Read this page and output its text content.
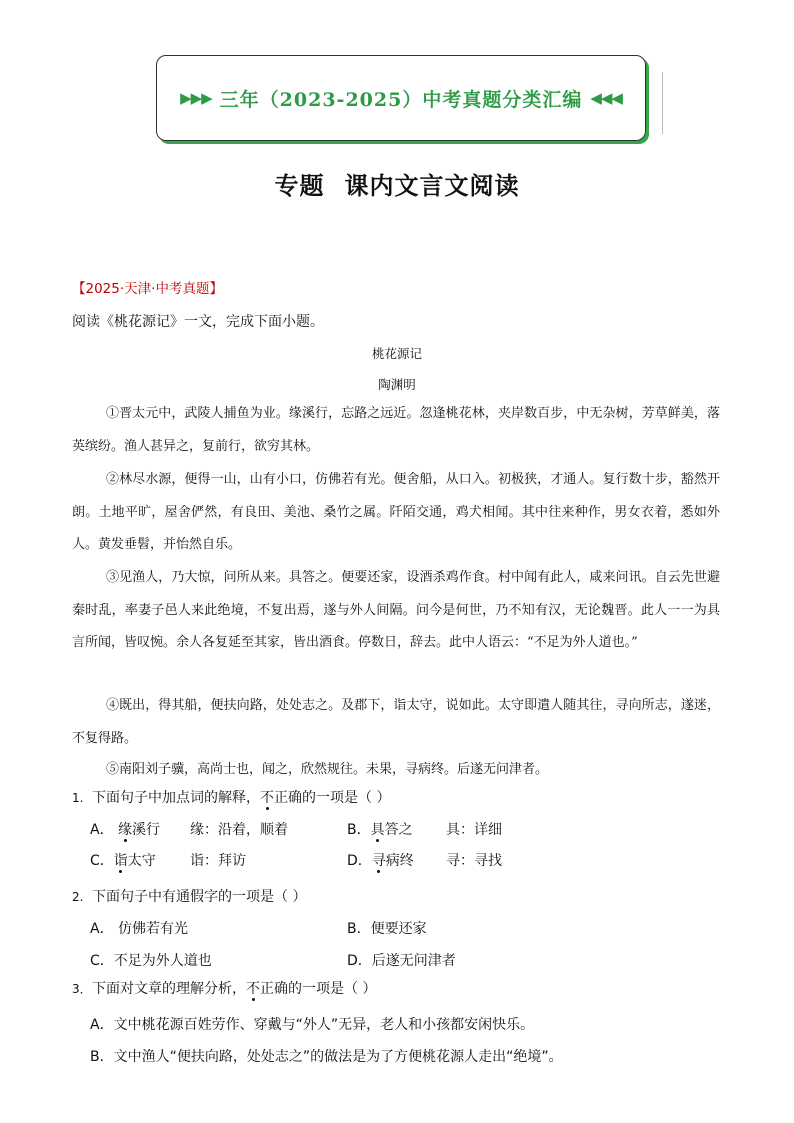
▶▶▶ 三年（2023-2025）中考真题分类汇编 ◀◀◀
专题 课内文言文阅读
【2025·天津·中考真题】
阅读《桃花源记》一文，完成下面小题。
桃花源记
陶渊明
①晋太元中，武陵人捕鱼为业。缘溪行，忘路之远近。忽逢桃花林，夹岸数百步，中无杂树，芳草鲜美，落英缤纷。渔人甚异之，复前行，欲穷其林。
②林尽水源，便得一山，山有小口，仿佛若有光。便舍船，从口入。初极狭，才通人。复行数十步，豁然开朗。土地平旷，屋舍俨然，有良田、美池、桑竹之属。阡陌交通，鸡犬相闻。其中往来种作，男女衣着，悉如外人。黄发垂髫，并怡然自乐。
③见渔人，乃大惊，问所从来。具答之。便要还家，设酒杀鸡作食。村中闻有此人，咸来问讯。自云先世避秦时乱，率妻子邑人来此绝境，不复出焉，遂与外人间隔。问今是何世，乃不知有汉，无论魏晋。此人一一为具言所闻，皆叹惋。余人各复延至其家，皆出酒食。停数日，辞去。此中人语云：“不足为外人道也。”
④既出，得其船，便扶向路，处处志之。及郡下，诣太守，说如此。太守即遣人随其往，寻向所志，遂迷，不复得路。
⑤南阳刘子骥，高尚士也，闻之，欣然规往。未果，寻病终。后遂无问津者。
1. 下面句子中加点词的解释，不正确的一项是（ ）
A． 缘溪行 缘：沿着，顺着	B．具答之 具：详细
C．诣太守 诣：拜访	D．寻病终 寻：寻找
2. 下面句子中有通假字的一项是（ ）
A． 仿佛若有光	B．便要还家
C．不足为外人道也	D．后遂无问津者
3．下面对文章的理解分析，不正确的一项是（ ）
A．文中桃花源百姓劳作、穿戴与“外人”无异，老人和小孩都安闲快乐。
B．文中渔人“便扶向路，处处志之”的做法是为了方便桃花源人走出“绝境”。
